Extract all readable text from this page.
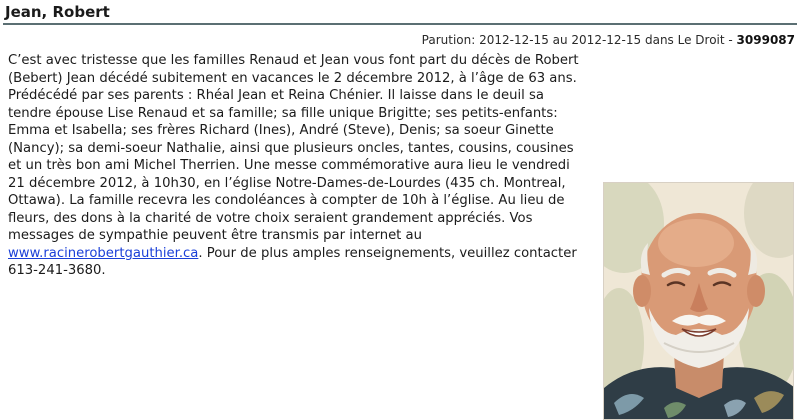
Jean, Robert
Parution: 2012-12-15 au 2012-12-15 dans Le Droit - 3099087

C’est avec tristesse que les familles Renaud et Jean vous font part du décès de Robert (Bebert) Jean décédé subitement en vacances le 2 décembre 2012, à l’âge de 63 ans. Prédécédé par ses parents : Rhéal Jean et Reina Chénier. Il laisse dans le deuil sa tendre épouse Lise Renaud et sa famille; sa fille unique Brigitte; ses petits-enfants: Emma et Isabella; ses frères Richard (Ines), André (Steve), Denis; sa soeur Ginette (Nancy); sa demi-soeur Nathalie, ainsi que plusieurs oncles, tantes, cousins, cousines et un très bon ami Michel Therrien. Une messe commémorative aura lieu le vendredi 21 décembre 2012, à 10h30, en l’église Notre-Dames-de-Lourdes (435 ch. Montreal, Ottawa). La famille recevra les condoléances à compter de 10h à l’église. Au lieu de fleurs, des dons à la charité de votre choix seraient grandement appréciés. Vos messages de sympathie peuvent être transmis par internet au www.racinerobertgauthier.ca. Pour de plus amples renseignements, veuillez contacter 613-241-3680.
